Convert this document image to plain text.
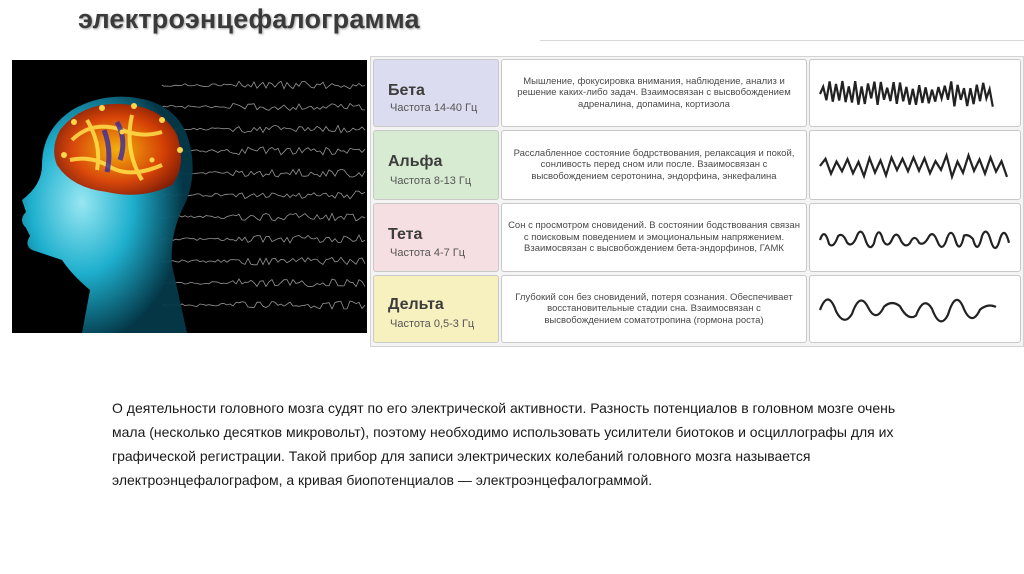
электроэнцефалограмма
Бета
Частота 14-40 Гц
Мышление, фокусировка внимания, наблюдение, анализ и решение каких-либо задач. Взаимосвязан с высвобождением адреналина, допамина, кортизола
Альфа
Частота 8-13 Гц
Расслабленное состояние бодрствования, релаксация и покой, сонливость перед сном или после. Взаимосвязан с высвобождением серотонина, эндорфина, энкефалина
Тета
Частота 4-7 Гц
Сон с просмотром сновидений. В состоянии бодствования связан с поисковым поведением и эмоциональным напряжением. Взаимосвязан с высвобождением бета-эндорфинов, ГАМК
Дельта
Частота 0,5-3 Гц
Глубокий сон без сновидений, потеря сознания. Обеспечивает восстановительные стадии сна. Взаимосвязан с высвобождением соматотропина (гормона роста)
О деятельности головного мозга судят по его электрической активности. Разность потенциалов в головном мозге очень мала (несколько десятков микровольт), поэтому необходимо использовать усилители биотоков и осциллографы для их графической регистрации. Такой прибор для записи электрических колебаний головного мозга называется электроэнцефалографом, а кривая биопотенциалов — электроэнцефалограммой.
